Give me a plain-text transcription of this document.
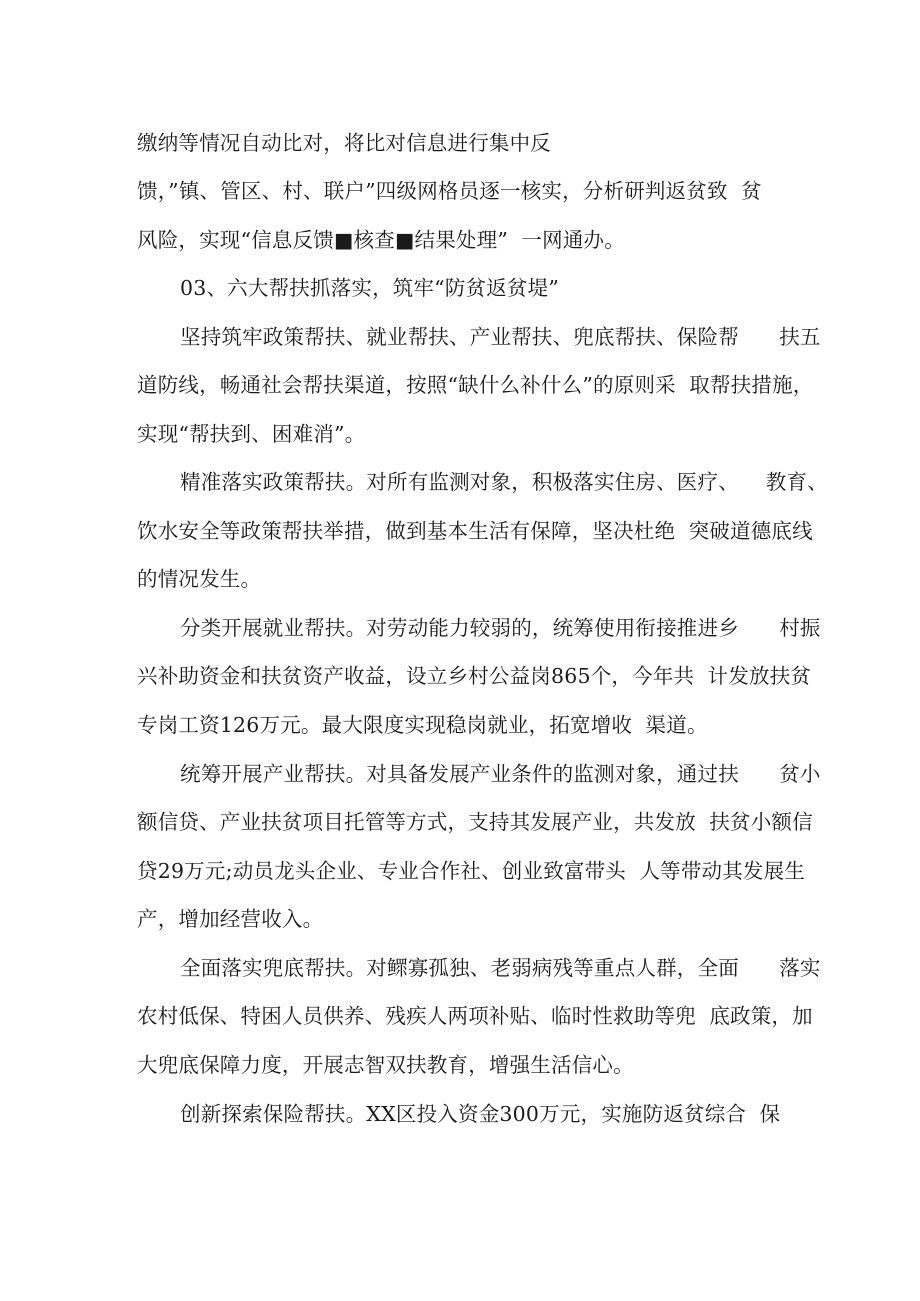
缴纳等情况自动比对，将比对信息进行集中反
馈，”镇、管区、村、联户”四级网格员逐一核实，分析研判返贫致  贫
风险，实现“信息反馈■核查■结果处理”  一网通办。
03、六大帮扶抓落实，筑牢“防贫返贫堤”
坚持筑牢政策帮扶、就业帮扶、产业帮扶、兜底帮扶、保险帮      扶五
道防线，畅通社会帮扶渠道，按照“缺什么补什么”的原则采  取帮扶措施，
实现“帮扶到、困难消”。
精准落实政策帮扶。对所有监测对象，积极落实住房、医疗、    教育、
饮水安全等政策帮扶举措，做到基本生活有保障，坚决杜绝  突破道德底线
的情况发生。
分类开展就业帮扶。对劳动能力较弱的，统筹使用衔接推进乡      村振
兴补助资金和扶贫资产收益，设立乡村公益岗865个，今年共  计发放扶贫
专岗工资126万元。最大限度实现稳岗就业，拓宽增收  渠道。
统筹开展产业帮扶。对具备发展产业条件的监测对象，通过扶      贫小
额信贷、产业扶贫项目托管等方式，支持其发展产业，共发放  扶贫小额信
贷29万元;动员龙头企业、专业合作社、创业致富带头  人等带动其发展生
产，增加经营收入。
全面落实兜底帮扶。对鳏寡孤独、老弱病残等重点人群，全面      落实
农村低保、特困人员供养、残疾人两项补贴、临时性救助等兜  底政策，加
大兜底保障力度，开展志智双扶教育，增强生活信心。
创新探索保险帮扶。XX区投入资金300万元，实施防返贫综合  保
